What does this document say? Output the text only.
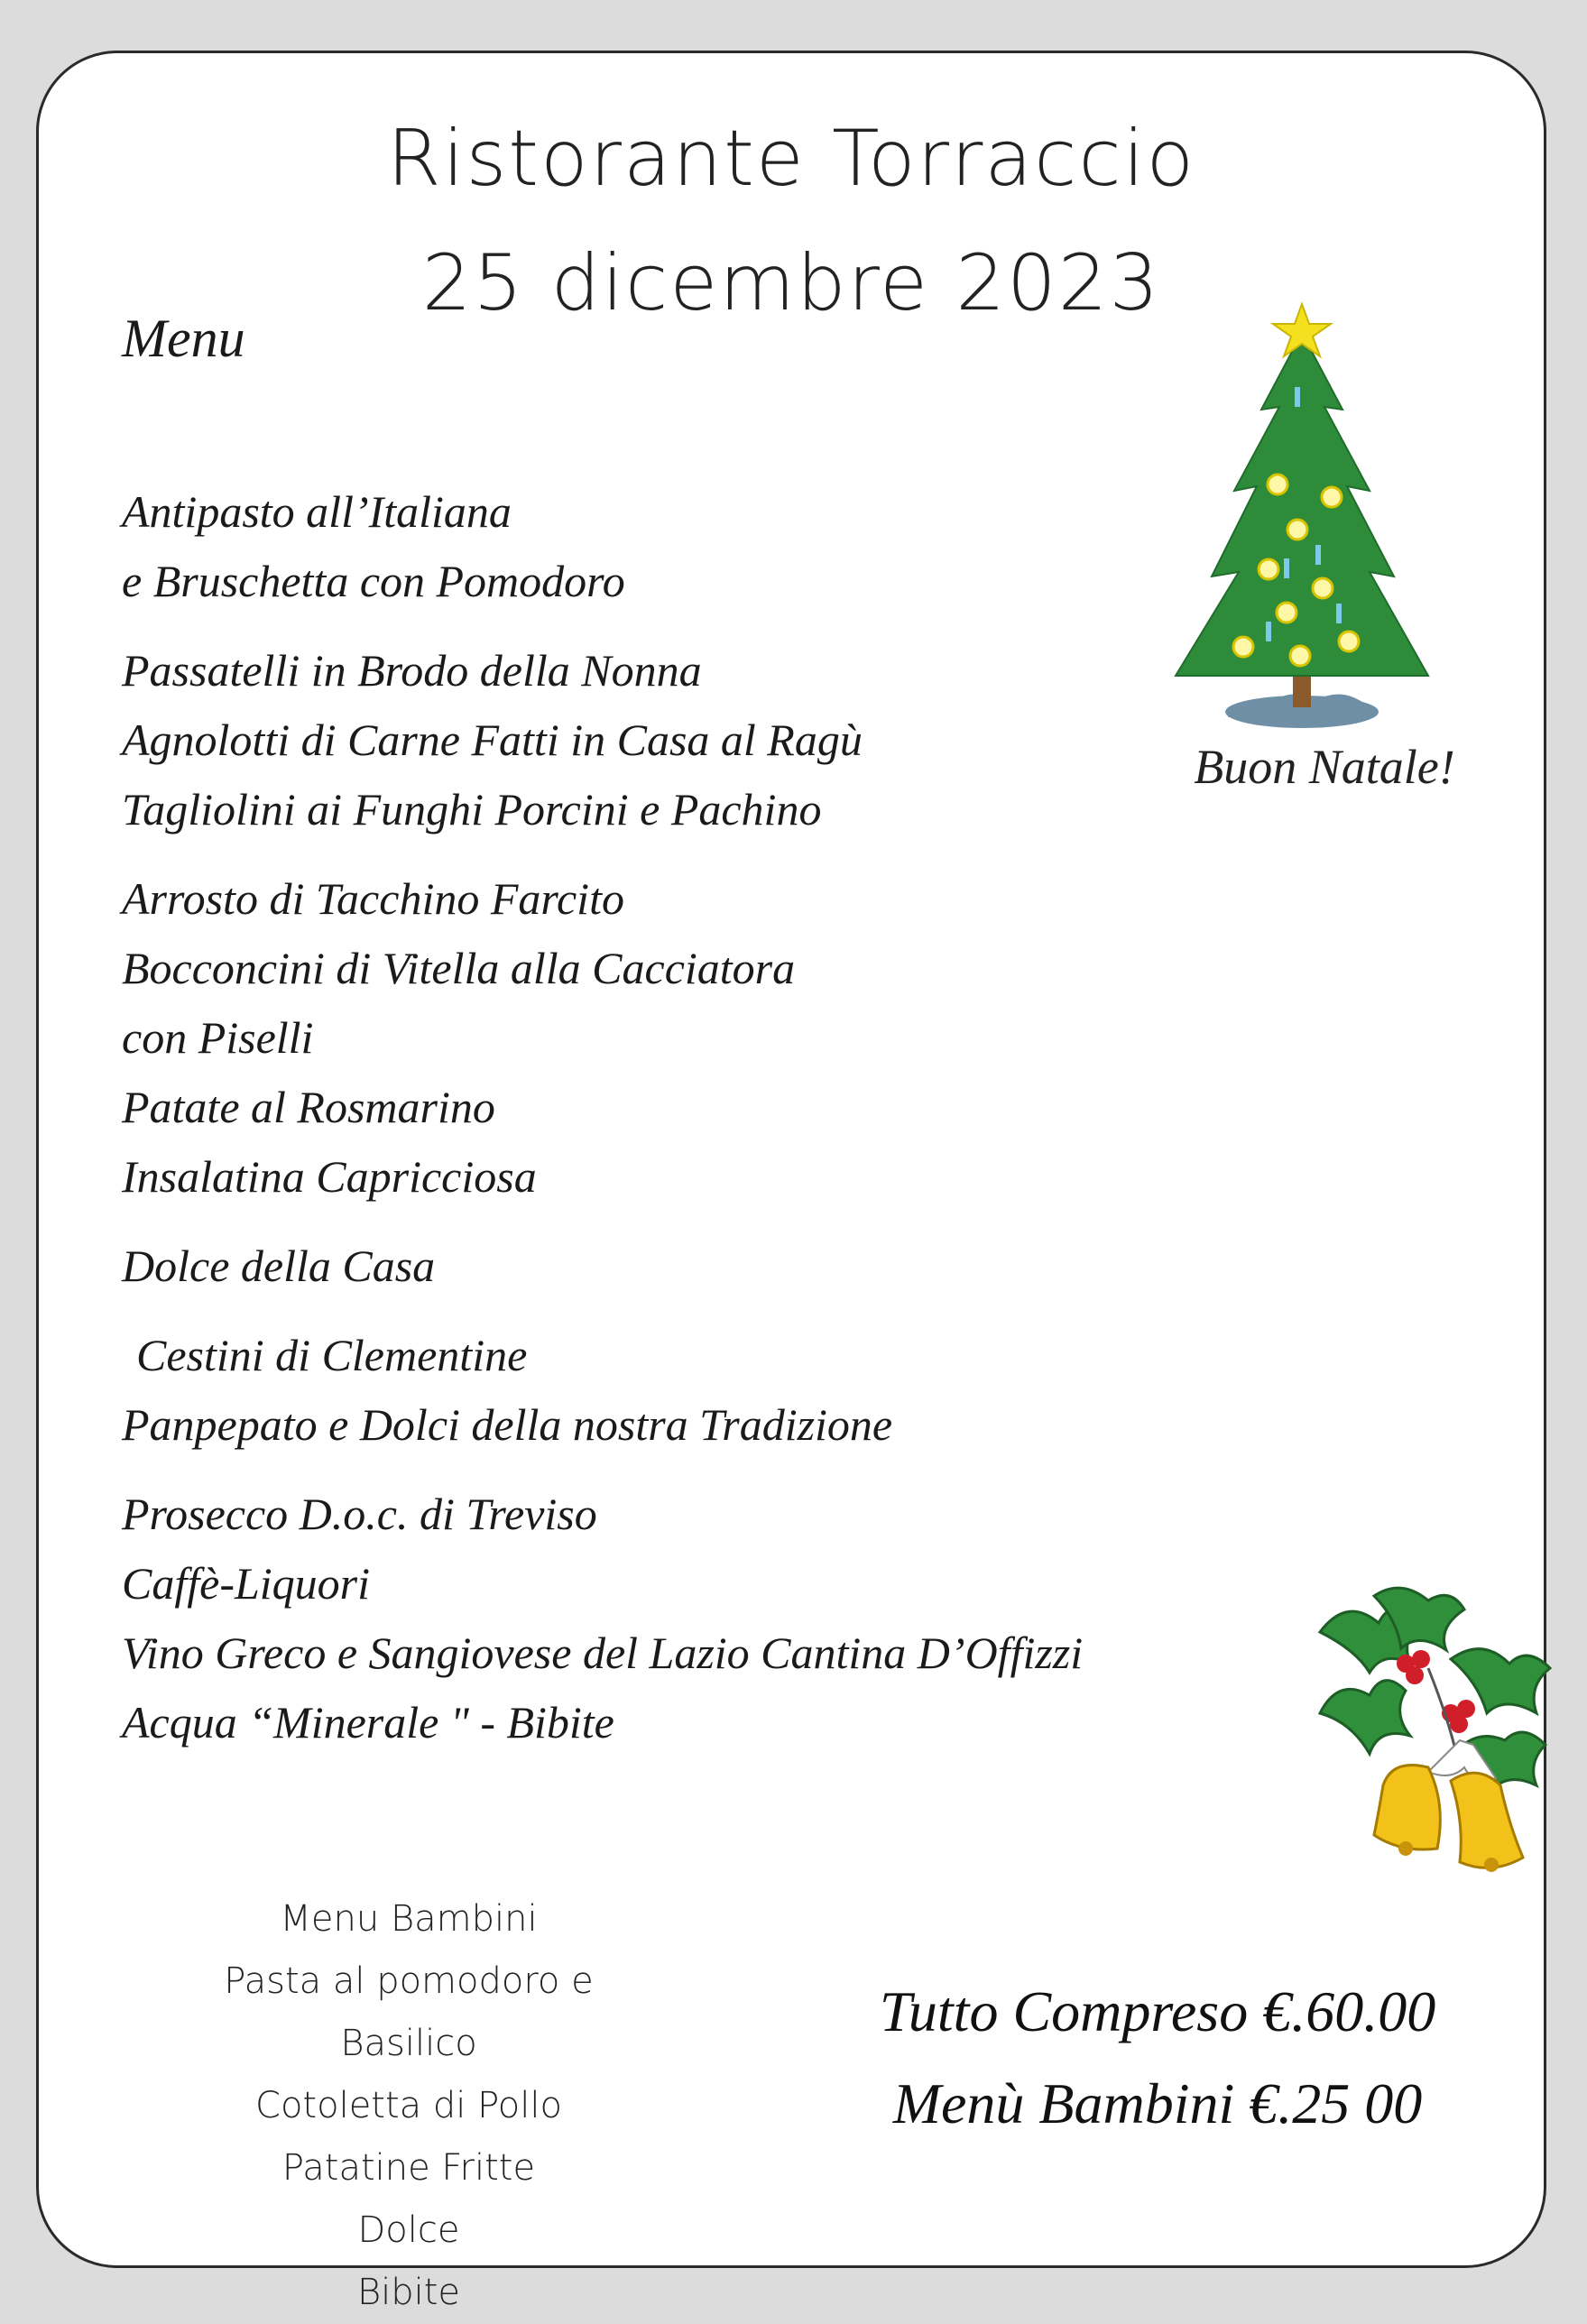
Ristorante Torraccio
25 dicembre 2023
Menu
Antipasto all’Italiana
e Bruschetta con Pomodoro
Passatelli in Brodo della Nonna
Agnolotti di Carne Fatti in Casa al Ragù
Tagliolini ai Funghi Porcini e Pachino
Arrosto di Tacchino Farcito
Bocconcini di Vitella alla Cacciatora
con Piselli
Patate al Rosmarino
Insalatina Capricciosa
Dolce della Casa
Cestini di Clementine
Panpepato e Dolci della nostra Tradizione
Prosecco D.o.c. di Treviso
Caffè-Liquori
Vino Greco e Sangiovese del Lazio Cantina D’Offizzi
Acqua “Minerale " - Bibite
Buon Natale!
Menu Bambini
Pasta al pomodoro e Basilico
Cotoletta di Pollo
Patatine Fritte
Dolce
Bibite
Tutto Compreso €.60.00
Menù Bambini €.25 00
